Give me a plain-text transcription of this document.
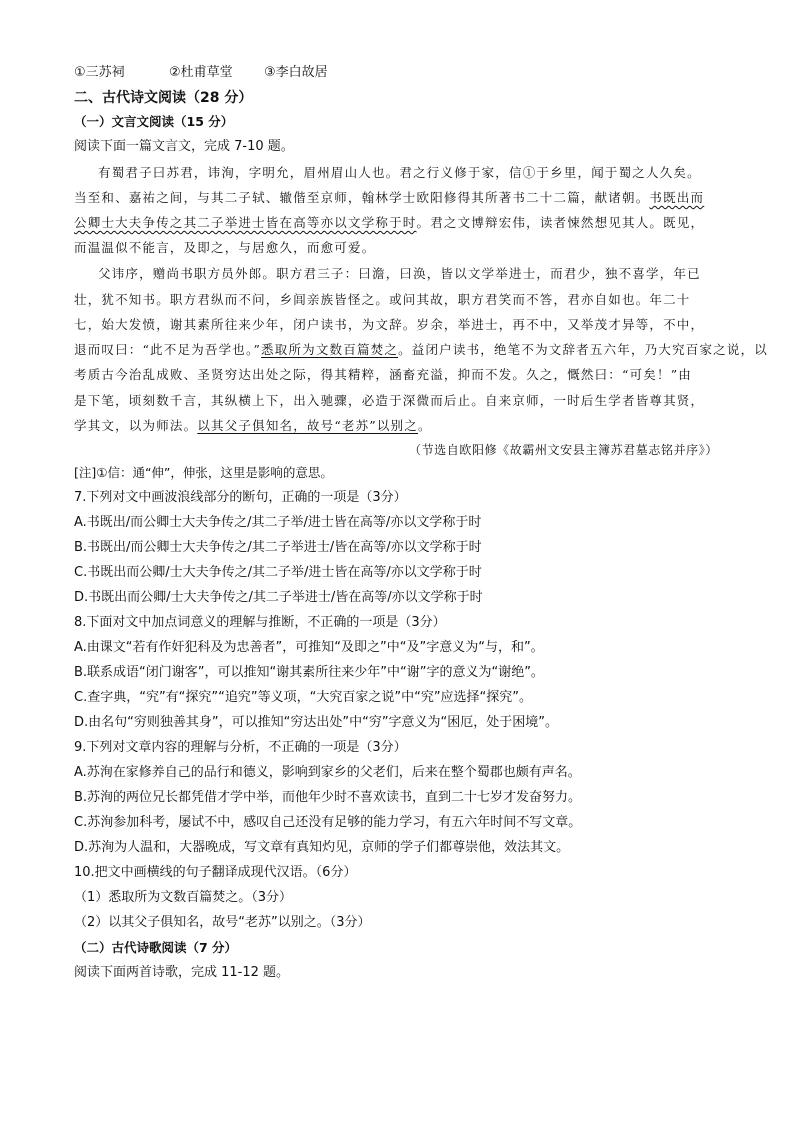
①三苏祠	②杜甫草堂 ③李白故居
二、古代诗文阅读（28 分）
（一）文言文阅读（15 分）
阅读下面一篇文言文，完成 7-10 题。
有蜀君子曰苏君，讳洵，字明允，眉州眉山人也。君之行义修于家，信①于乡里，闻于蜀之人久矣。
当至和、嘉祐之间，与其二子轼、辙偕至京师，翰林学士欧阳修得其所著书二十二篇，献诸朝。书既出而
公卿士大夫争传之其二子举进士皆在高等亦以文学称于时。君之文博辩宏伟，读者悚然想见其人。既见，
而温温似不能言，及即之，与居愈久，而愈可爱。
父讳序，赠尚书职方员外郎。职方君三子：曰澹，曰涣，皆以文学举进士，而君少，独不喜学，年已
壮，犹不知书。职方君纵而不问，乡闾亲族皆怪之。或问其故，职方君笑而不答，君亦自如也。年二十
七，始大发愤，谢其素所往来少年，闭户读书，为文辞。岁余，举进士，再不中，又举茂才异等，不中，
退而叹曰：“此不足为吾学也。”悉取所为文数百篇焚之。益闭户读书，绝笔不为文辞者五六年，乃大究百家之说，以
考质古今治乱成败、圣贤穷达出处之际，得其精粹，涵畜充溢，抑而不发。久之，慨然曰：“可矣！”由
是下笔，顷刻数千言，其纵横上下，出入驰骤，必造于深微而后止。自来京师，一时后生学者皆尊其贤，
学其文，以为师法。以其父子俱知名，故号“老苏”以别之。
（节选自欧阳修《故霸州文安县主簿苏君墓志铭并序》）
[注]①信：通“伸”，伸张，这里是影响的意思。
7.下列对文中画波浪线部分的断句，正确的一项是（3分）
A.书既出/而公卿士大夫争传之/其二子举/进士皆在高等/亦以文学称于时
B.书既出/而公卿士大夫争传之/其二子举进士/皆在高等/亦以文学称于时
C.书既出而公卿/士大夫争传之/其二子举/进士皆在高等/亦以文学称于时
D.书既出而公卿/士大夫争传之/其二子举进士/皆在高等/亦以文学称于时
8.下面对文中加点词意义的理解与推断，不正确的一项是（3分）
A.由课文“若有作奸犯科及为忠善者”，可推知“及即之”中“及”字意义为“与，和”。
B.联系成语“闭门谢客”，可以推知“谢其素所往来少年”中“谢”字的意义为“谢绝”。
C.查字典，“究”有“探究”“追究”等义项，“大究百家之说”中“究”应选择“探究”。
D.由名句“穷则独善其身”，可以推知“穷达出处”中“穷”字意义为“困厄，处于困境”。
9.下列对文章内容的理解与分析，不正确的一项是（3分）
A.苏洵在家修养自己的品行和德义，影响到家乡的父老们，后来在整个蜀郡也颇有声名。
B.苏洵的两位兄长都凭借才学中举，而他年少时不喜欢读书，直到二十七岁才发奋努力。
C.苏洵参加科考，屡试不中，感叹自己还没有足够的能力学习，有五六年时间不写文章。
D.苏洵为人温和，大器晚成，写文章有真知灼见，京师的学子们都尊崇他，效法其文。
10.把文中画横线的句子翻译成现代汉语。（6分）
（1）悉取所为文数百篇焚之。（3分）
（2）以其父子俱知名，故号“老苏”以别之。（3分）
（二）古代诗歌阅读（7 分）
阅读下面两首诗歌，完成 11-12 题。
